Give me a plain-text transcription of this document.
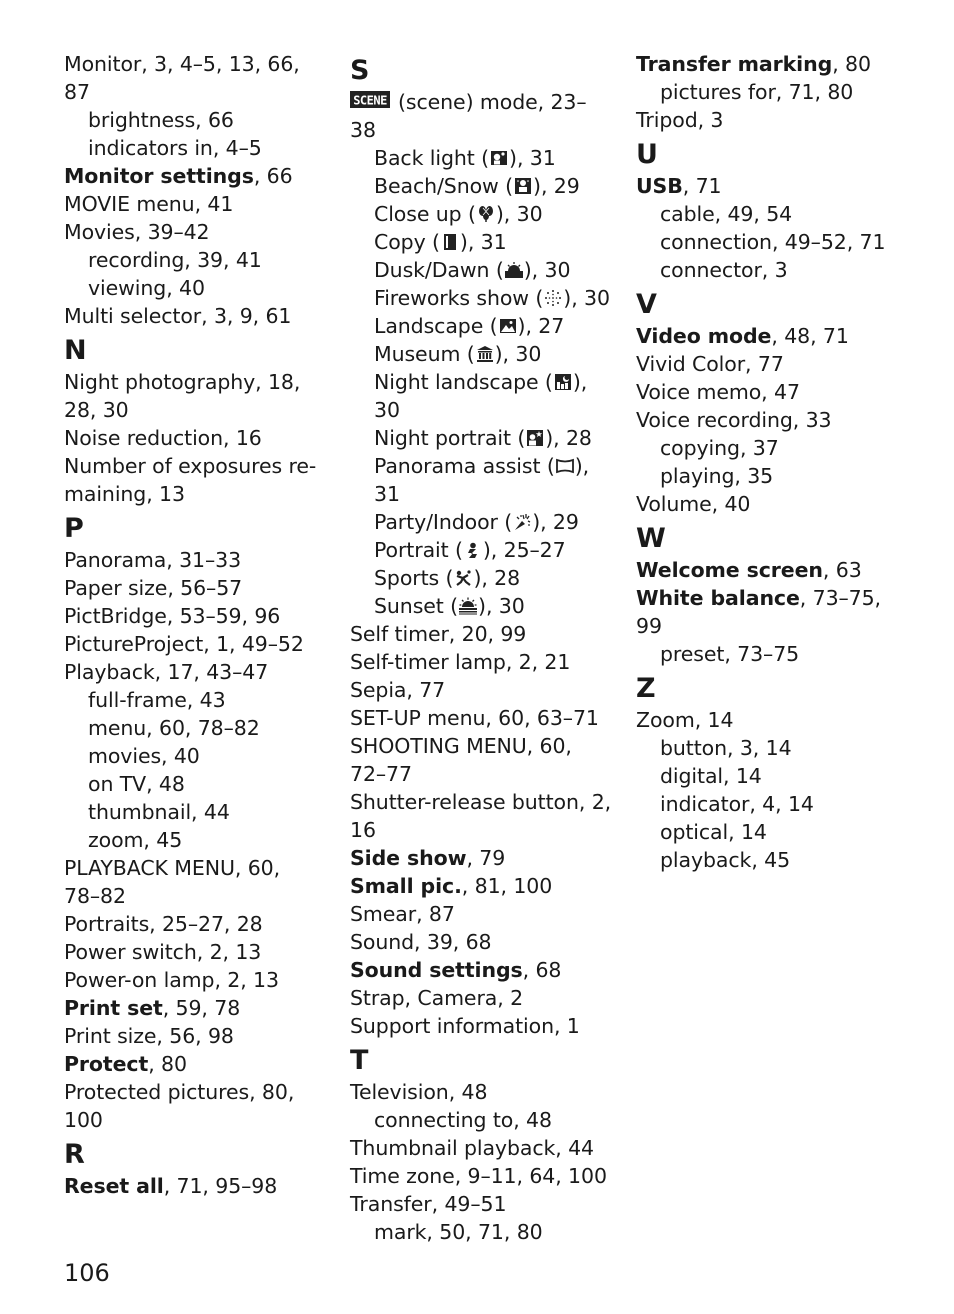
Monitor, 3, 4–5, 13, 66,
87
brightness, 66
indicators in, 4–5
Monitor settings, 66
MOVIE menu, 41
Movies, 39–42
recording, 39, 41
viewing, 40
Multi selector, 3, 9, 61
N
Night photography, 18,
28, 30
Noise reduction, 16
Number of exposures re-
maining, 13
P
Panorama, 31–33
Paper size, 56–57
PictBridge, 53–59, 96
PictureProject, 1, 49–52
Playback, 17, 43–47
full-frame, 43
menu, 60, 78–82
movies, 40
on TV, 48
thumbnail, 44
zoom, 45
PLAYBACK MENU, 60,
78–82
Portraits, 25–27, 28
Power switch, 2, 13
Power-on lamp, 2, 13
Print set, 59, 78
Print size, 56, 98
Protect, 80
Protected pictures, 80,
100
R
Reset all, 71, 95–98
S
SCENE (scene) mode, 23–38
Back light ( ), 31
Beach/Snow ( ), 29
Close up ( ), 30
Copy ( ), 31
Dusk/Dawn ( ), 30
Fireworks show ( ), 30
Landscape ( ), 27
Museum ( ), 30
Night landscape ( ),
30
Night portrait ( ), 28
Panorama assist ( ),
31
Party/Indoor ( ), 29
Portrait ( ), 25–27
Sports ( ), 28
Sunset ( ), 30
Self timer, 20, 99
Self-timer lamp, 2, 21
Sepia, 77
SET-UP menu, 60, 63–71
SHOOTING MENU, 60,
72–77
Shutter-release button, 2,
16
Side show, 79
Small pic., 81, 100
Smear, 87
Sound, 39, 68
Sound settings, 68
Strap, Camera, 2
Support information, 1
T
Television, 48
connecting to, 48
Thumbnail playback, 44
Time zone, 9–11, 64, 100
Transfer, 49–51
mark, 50, 71, 80
Transfer marking, 80
pictures for, 71, 80
Tripod, 3
U
USB, 71
cable, 49, 54
connection, 49–52, 71
connector, 3
V
Video mode, 48, 71
Vivid Color, 77
Voice memo, 47
Voice recording, 33
copying, 37
playing, 35
Volume, 40
W
Welcome screen, 63
White balance, 73–75,
99
preset, 73–75
Z
Zoom, 14
button, 3, 14
digital, 14
indicator, 4, 14
optical, 14
playback, 45
106
